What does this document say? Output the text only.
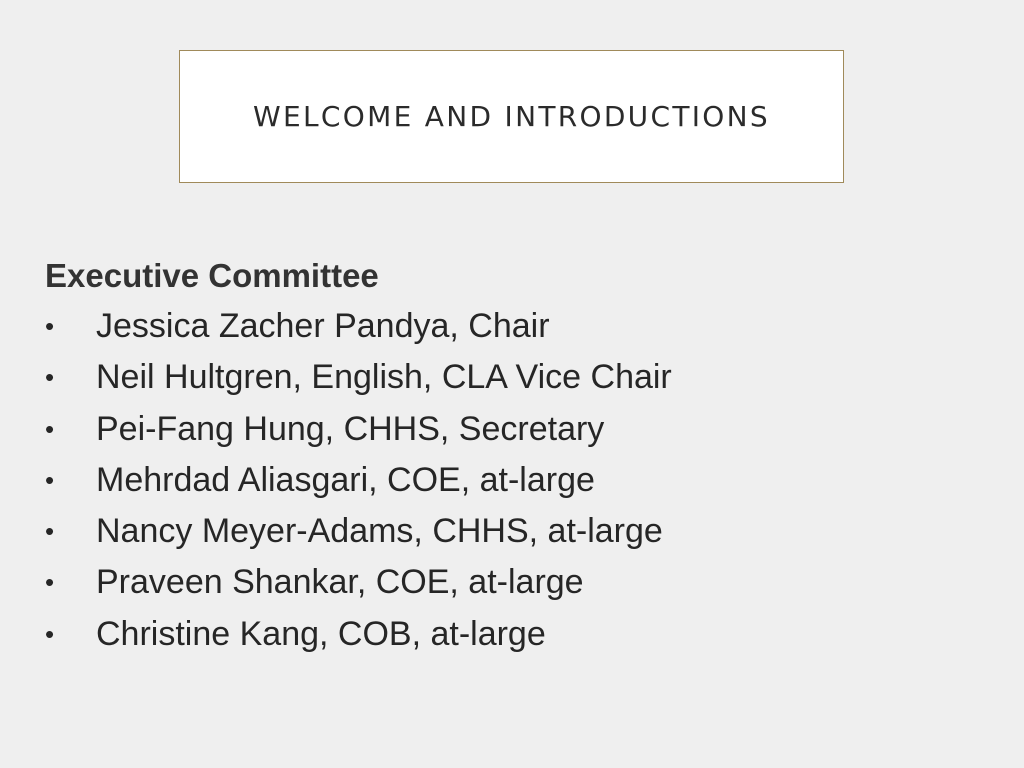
WELCOME AND INTRODUCTIONS
Executive Committee
•	Jessica Zacher Pandya, Chair
•	Neil Hultgren, English, CLA Vice Chair
•	Pei-Fang Hung, CHHS, Secretary
•	Mehrdad Aliasgari, COE, at-large
•	Nancy Meyer-Adams, CHHS, at-large
•	Praveen Shankar, COE, at-large
•	Christine Kang, COB, at-large
